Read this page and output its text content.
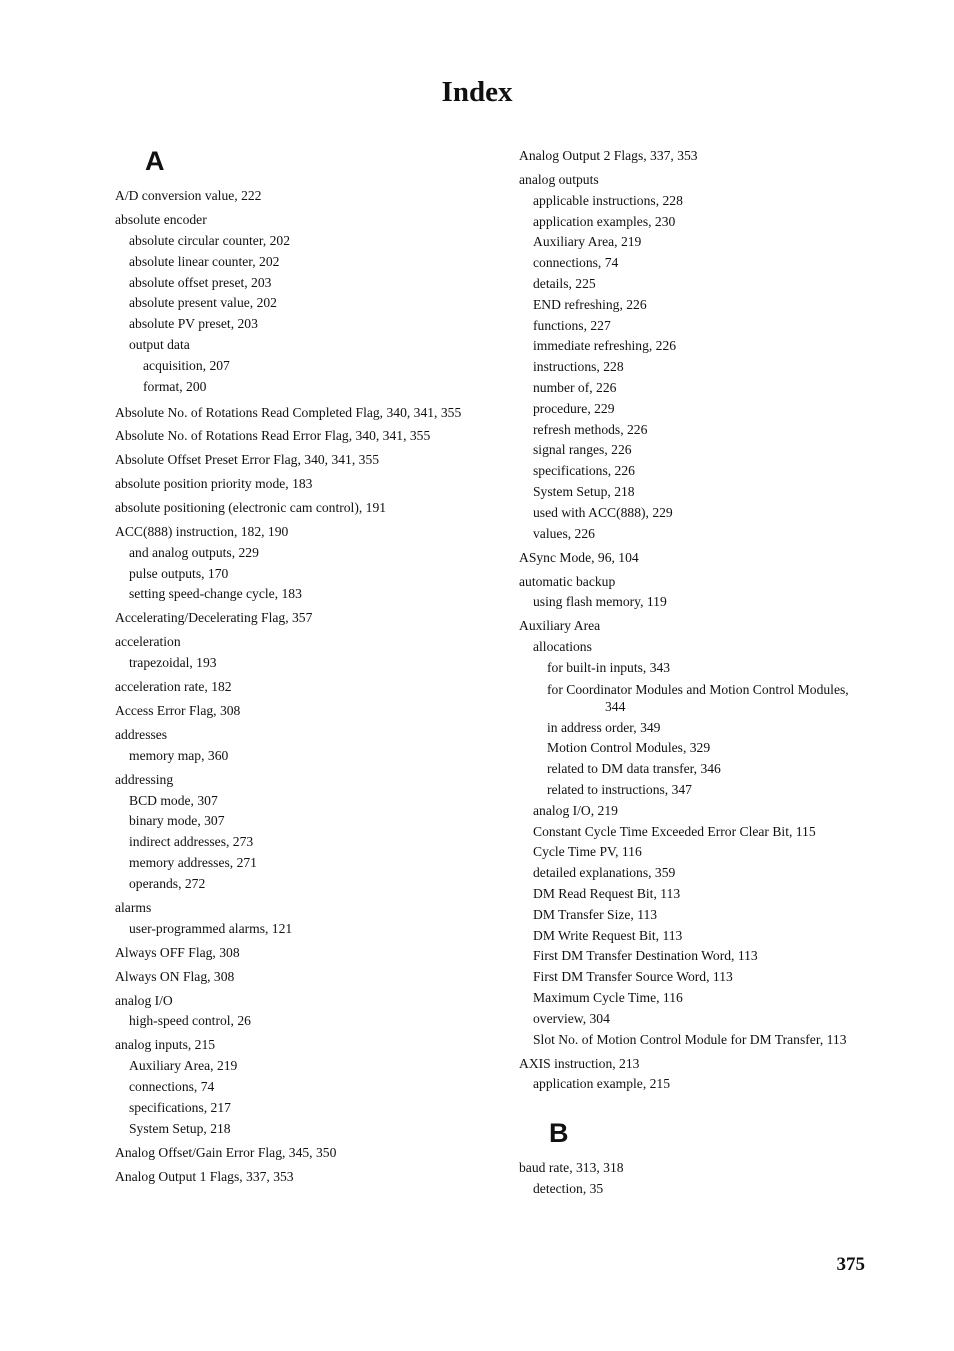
Index
A
A/D conversion value, 222
absolute encoder
absolute circular counter, 202
absolute linear counter, 202
absolute offset preset, 203
absolute present value, 202
absolute PV preset, 203
output data
acquisition, 207
format, 200
Absolute No. of Rotations Read Completed Flag, 340, 341, 355
Absolute No. of Rotations Read Error Flag, 340, 341, 355
Absolute Offset Preset Error Flag, 340, 341, 355
absolute position priority mode, 183
absolute positioning (electronic cam control), 191
ACC(888) instruction, 182, 190
and analog outputs, 229
pulse outputs, 170
setting speed-change cycle, 183
Accelerating/Decelerating Flag, 357
acceleration
trapezoidal, 193
acceleration rate, 182
Access Error Flag, 308
addresses
memory map, 360
addressing
BCD mode, 307
binary mode, 307
indirect addresses, 273
memory addresses, 271
operands, 272
alarms
user-programmed alarms, 121
Always OFF Flag, 308
Always ON Flag, 308
analog I/O
high-speed control, 26
analog inputs, 215
Auxiliary Area, 219
connections, 74
specifications, 217
System Setup, 218
Analog Offset/Gain Error Flag, 345, 350
Analog Output 1 Flags, 337, 353
Analog Output 2 Flags, 337, 353
analog outputs
applicable instructions, 228
application examples, 230
Auxiliary Area, 219
connections, 74
details, 225
END refreshing, 226
functions, 227
immediate refreshing, 226
instructions, 228
number of, 226
procedure, 229
refresh methods, 226
signal ranges, 226
specifications, 226
System Setup, 218
used with ACC(888), 229
values, 226
ASync Mode, 96, 104
automatic backup
using flash memory, 119
Auxiliary Area
allocations
for built-in inputs, 343
for Coordinator Modules and Motion Control Modules,
344
in address order, 349
Motion Control Modules, 329
related to DM data transfer, 346
related to instructions, 347
analog I/O, 219
Constant Cycle Time Exceeded Error Clear Bit, 115
Cycle Time PV, 116
detailed explanations, 359
DM Read Request Bit, 113
DM Transfer Size, 113
DM Write Request Bit, 113
First DM Transfer Destination Word, 113
First DM Transfer Source Word, 113
Maximum Cycle Time, 116
overview, 304
Slot No. of Motion Control Module for DM Transfer, 113
AXIS instruction, 213
application example, 215
B
baud rate, 313, 318
detection, 35
375
